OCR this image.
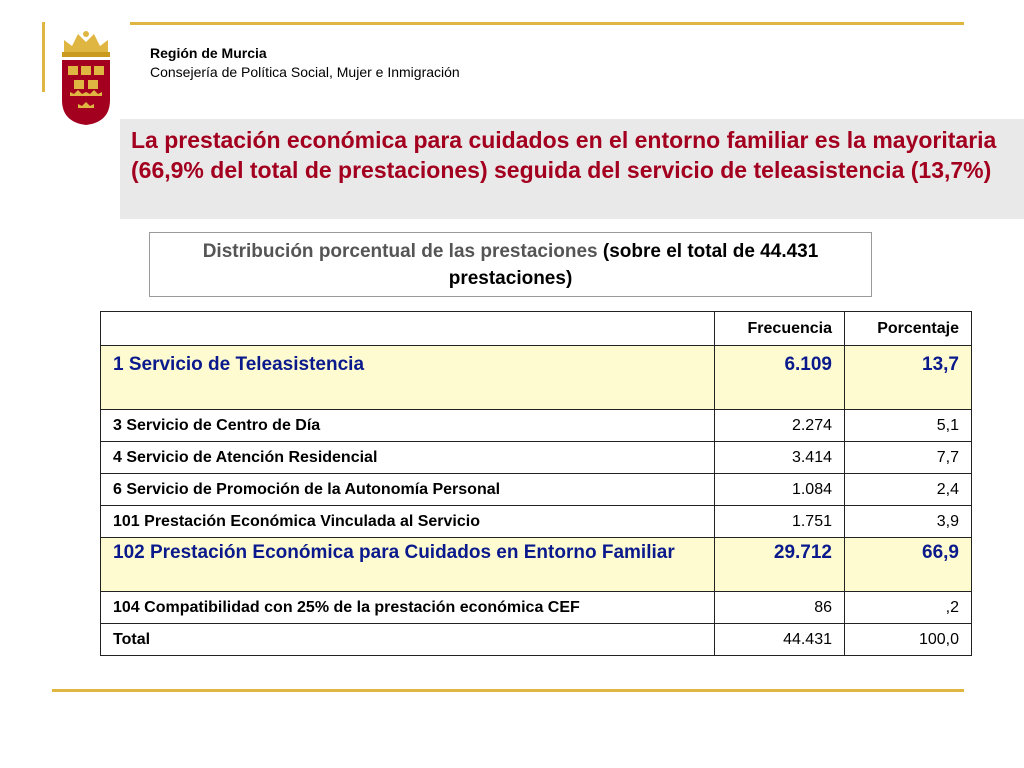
Región de Murcia
Consejería de Política Social, Mujer e Inmigración
La prestación económica para cuidados en el entorno familiar es la mayoritaria (66,9% del total de prestaciones) seguida del servicio de teleasistencia (13,7%)
Distribución porcentual de las prestaciones (sobre el total de 44.431 prestaciones)
	Frecuencia	Porcentaje
1 Servicio de Teleasistencia	6.109	13,7
3 Servicio de Centro de Día	2.274	5,1
4 Servicio de Atención Residencial	3.414	7,7
6 Servicio de Promoción de la Autonomía Personal	1.084	2,4
101 Prestación Económica Vinculada al Servicio	1.751	3,9
102 Prestación Económica para Cuidados en Entorno Familiar	29.712	66,9
104 Compatibilidad con 25% de la prestación económica CEF	86	,2
Total	44.431	100,0
